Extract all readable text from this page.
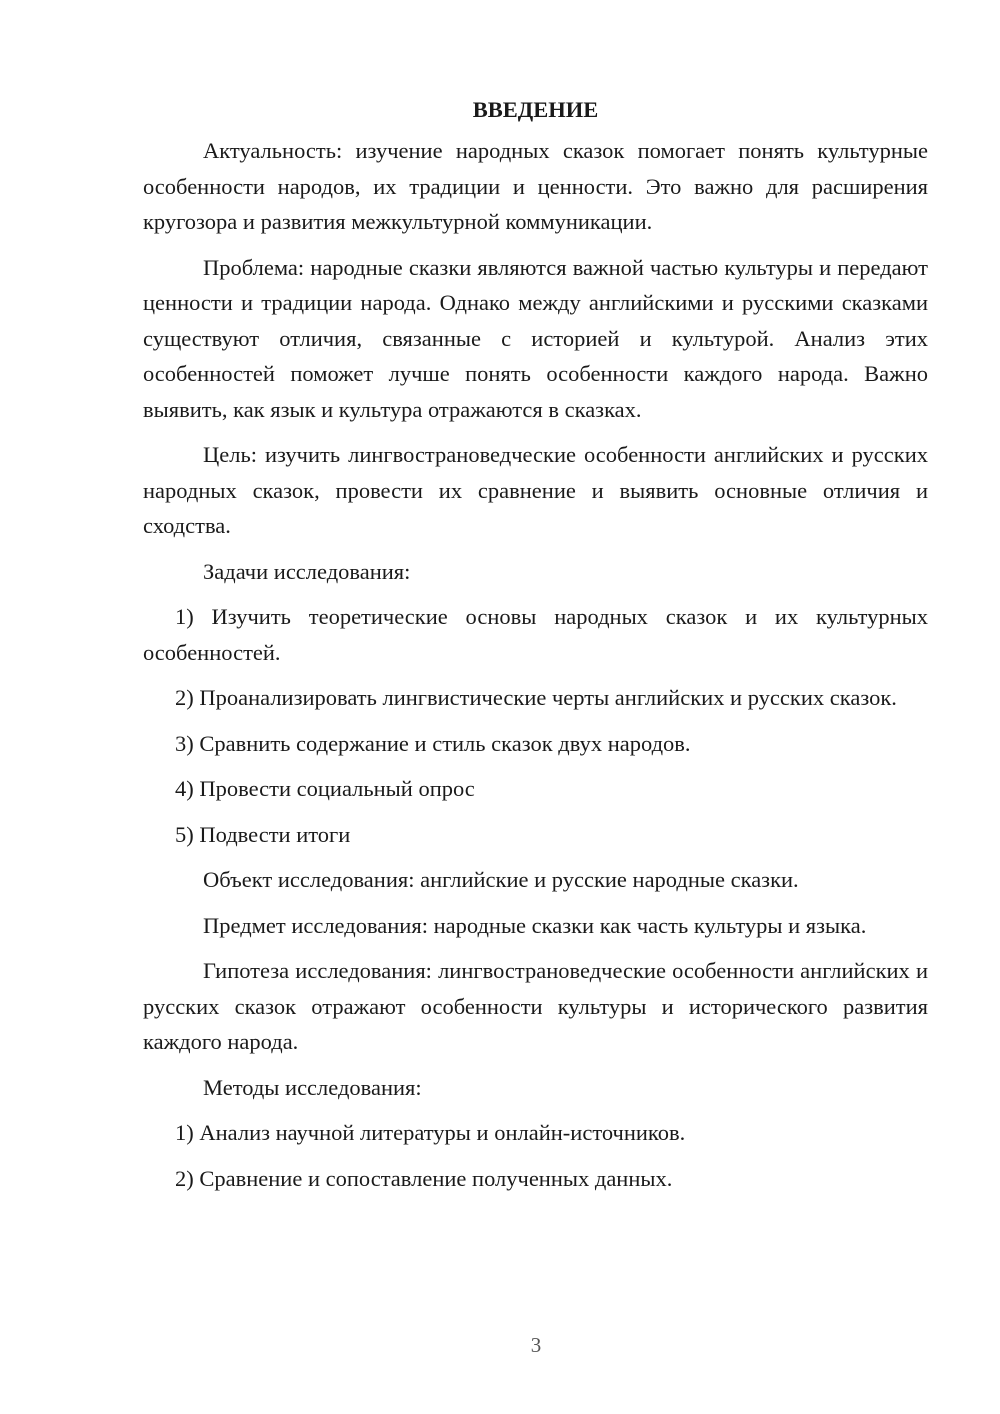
ВВЕДЕНИЕ

Актуальность: изучение народных сказок помогает понять культурные особенности народов, их традиции и ценности. Это важно для расширения кругозора и развития межкультурной коммуникации.

Проблема: народные сказки являются важной частью культуры и передают ценности и традиции народа. Однако между английскими и русскими сказками существуют отличия, связанные с историей и культурой. Анализ этих особенностей поможет лучше понять особенности каждого народа. Важно выявить, как язык и культура отражаются в сказках.

Цель: изучить лингвострановедческие особенности английских и русских народных сказок, провести их сравнение и выявить основные отличия и сходства.

Задачи исследования:

1) Изучить теоретические основы народных сказок и их культурных особенностей.

2) Проанализировать лингвистические черты английских и русских сказок.

3) Сравнить содержание и стиль сказок двух народов.

4) Провести социальный опрос

5) Подвести итоги

Объект исследования: английские и русские народные сказки.

Предмет исследования: народные сказки как часть культуры и языка.

Гипотеза исследования: лингвострановедческие особенности английских и русских сказок отражают особенности культуры и исторического развития каждого народа.

Методы исследования:

1) Анализ научной литературы и онлайн-источников.

2) Сравнение и сопоставление полученных данных.

3
